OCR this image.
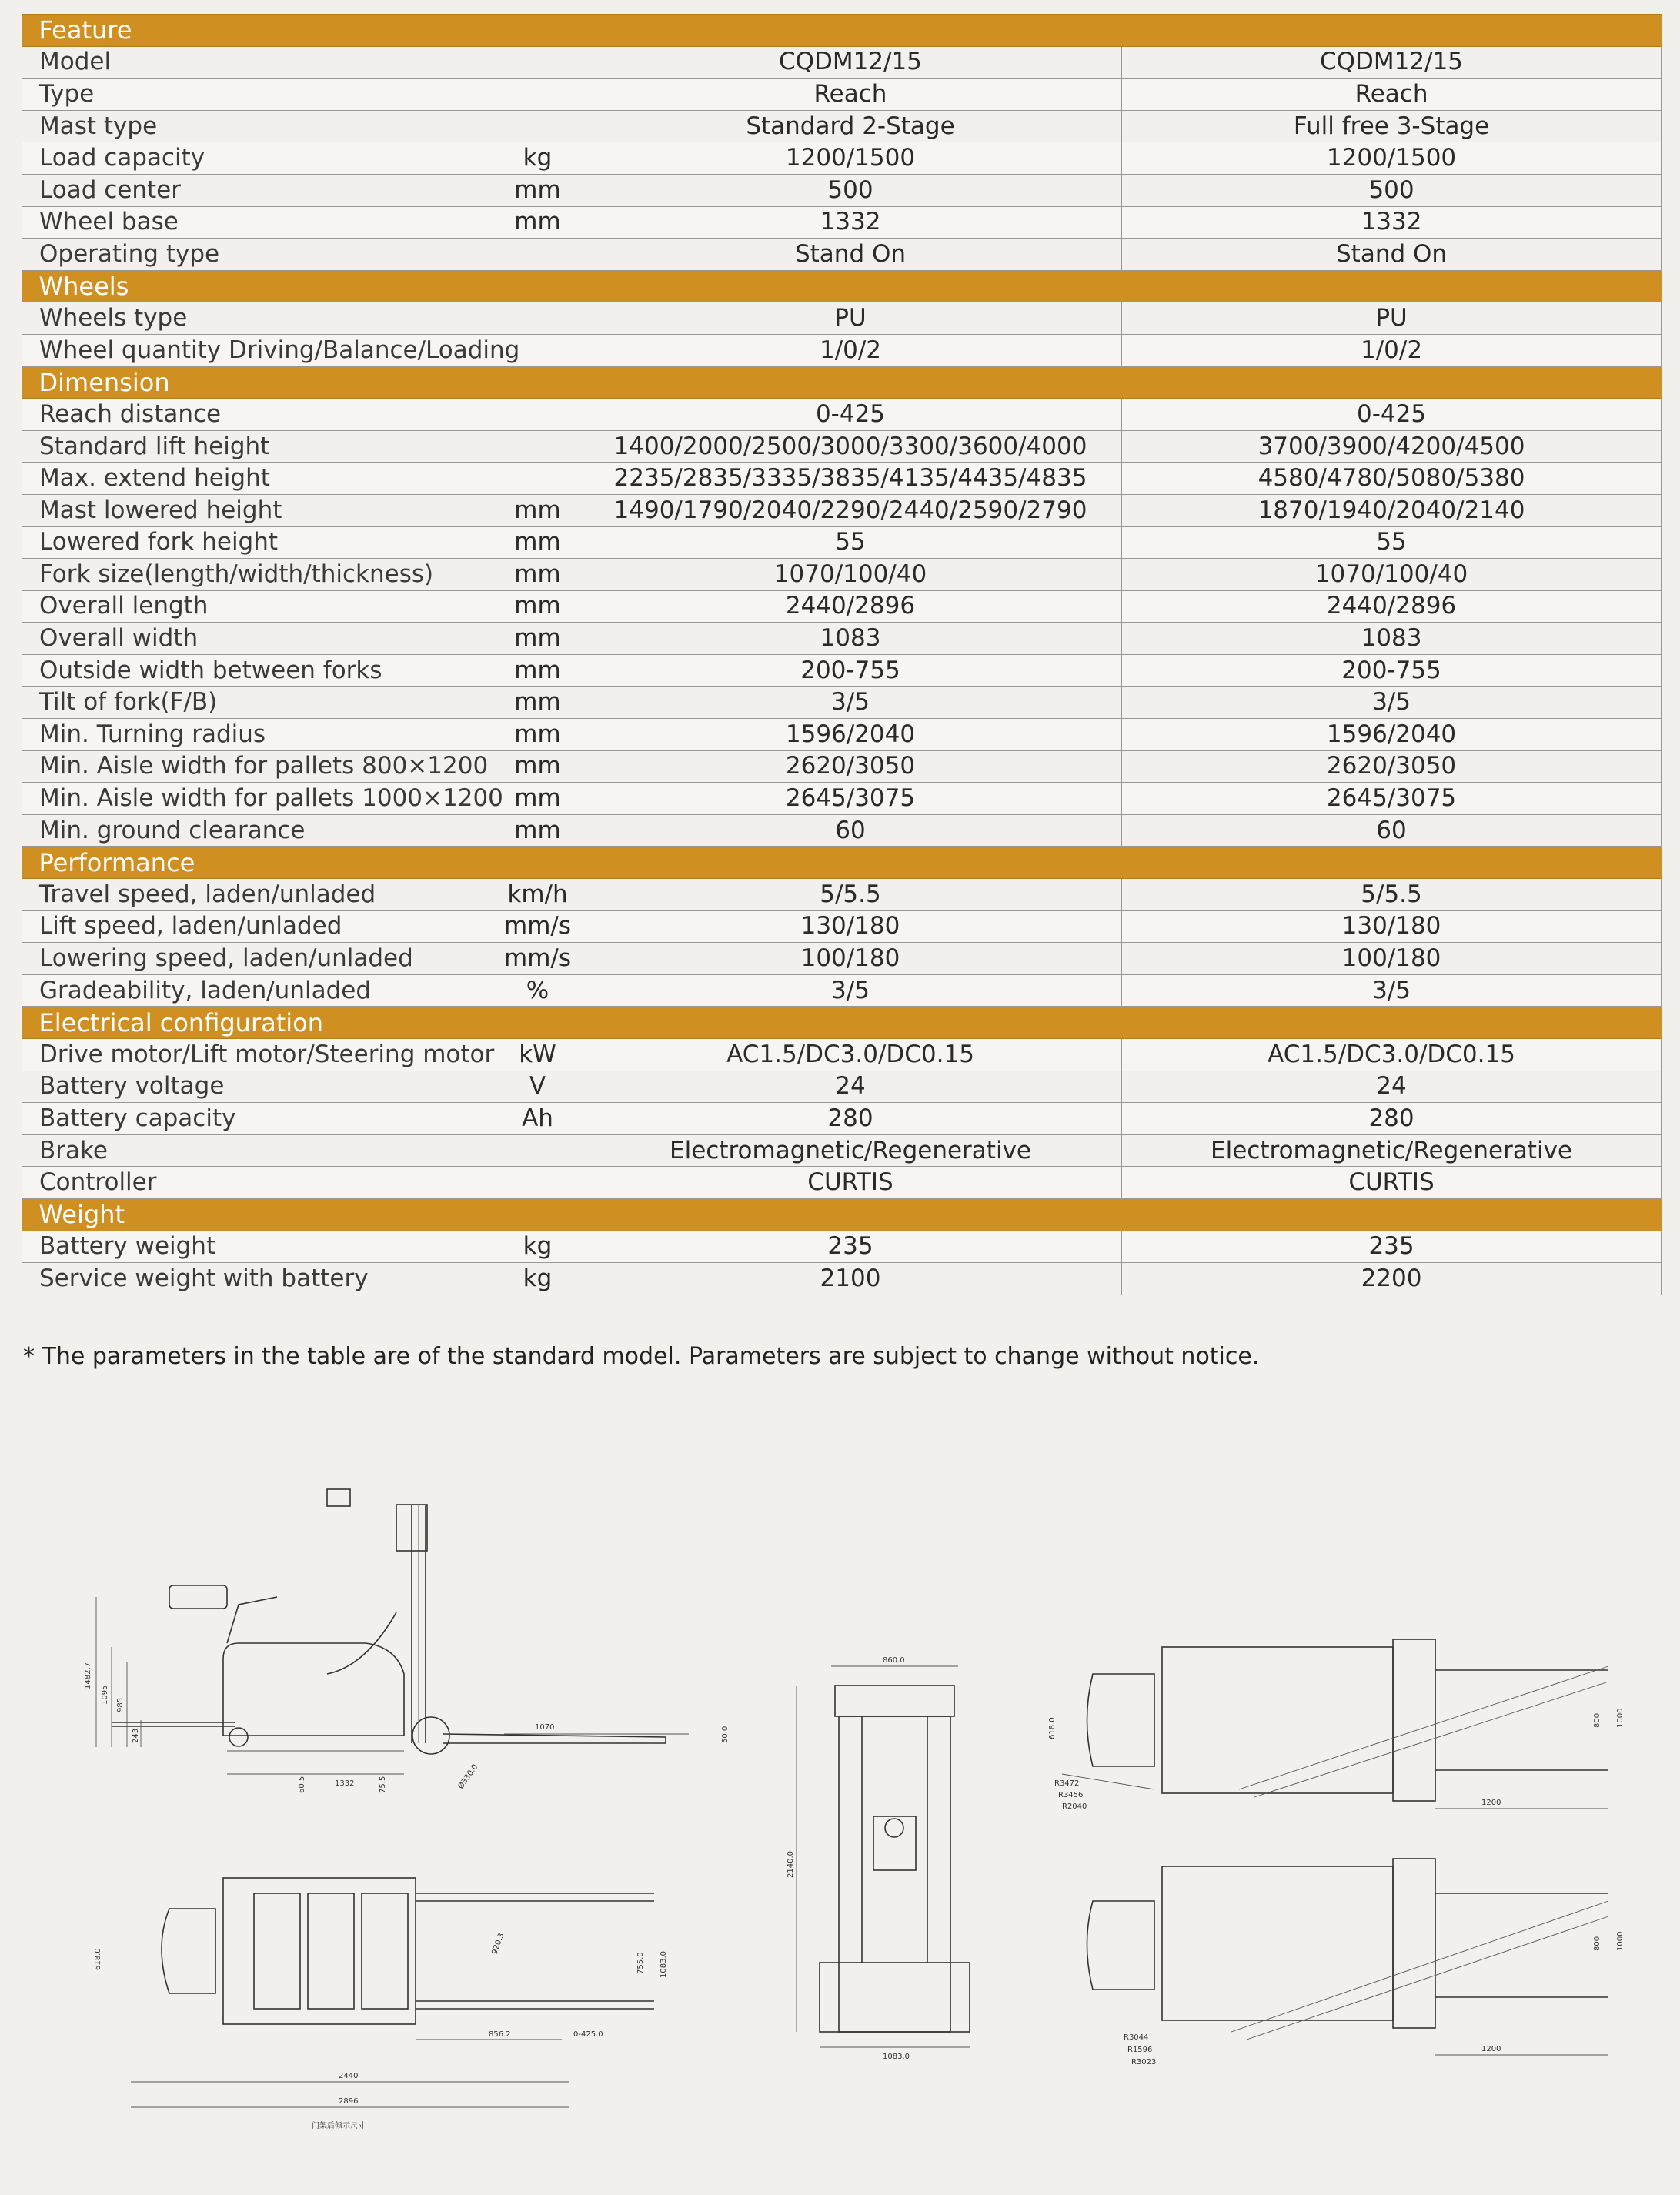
Feature			
Model		CQDM12/15	CQDM12/15
Type		Reach	Reach
Mast type		Standard 2-Stage	Full free 3-Stage
Load capacity	kg	1200/1500	1200/1500
Load center	mm	500	500
Wheel base	mm	1332	1332
Operating type		Stand On	Stand On
Wheels			
Wheels type		PU	PU
Wheel quantity Driving/Balance/Loading		1/0/2	1/0/2
Dimension			
Reach distance		0-425	0-425
Standard lift height		1400/2000/2500/3000/3300/3600/4000	3700/3900/4200/4500
Max. extend height		2235/2835/3335/3835/4135/4435/4835	4580/4780/5080/5380
Mast lowered height	mm	1490/1790/2040/2290/2440/2590/2790	1870/1940/2040/2140
Lowered fork height	mm	55	55
Fork size(length/width/thickness)	mm	1070/100/40	1070/100/40
Overall length	mm	2440/2896	2440/2896
Overall width	mm	1083	1083
Outside width between forks	mm	200-755	200-755
Tilt of fork(F/B)	mm	3/5	3/5
Min. Turning radius	mm	1596/2040	1596/2040
Min. Aisle width for pallets 800×1200	mm	2620/3050	2620/3050
Min. Aisle width for pallets 1000×1200	mm	2645/3075	2645/3075
Min. ground clearance	mm	60	60
Performance			
Travel speed, laden/unladed	km/h	5/5.5	5/5.5
Lift speed, laden/unladed	mm/s	130/180	130/180
Lowering speed, laden/unladed	mm/s	100/180	100/180
Gradeability, laden/unladed	%	3/5	3/5
Electrical configuration			
Drive motor/Lift motor/Steering motor	kW	AC1.5/DC3.0/DC0.15	AC1.5/DC3.0/DC0.15
Battery voltage	V	24	24
Battery capacity	Ah	280	280
Brake		Electromagnetic/Regenerative	Electromagnetic/Regenerative
Controller		CURTIS	CURTIS
Weight			
Battery weight	kg	235	235
Service weight with battery	kg	2100	2200
* The parameters in the table are of the standard model. Parameters are subject to change without notice.
1482.7
1095
985
243
1070	50.0
60.5	1332	75.5	Ø330.0
860.0
2140.0
1083.0
618.0
920.3
755.0 1083.0
856.2	0-425.0
2440
2896
门架后倾示尺寸
618.0
R3472
R3456
R2040
800 1000
1200
R3044
R1596
R3023
800 1000
1200
